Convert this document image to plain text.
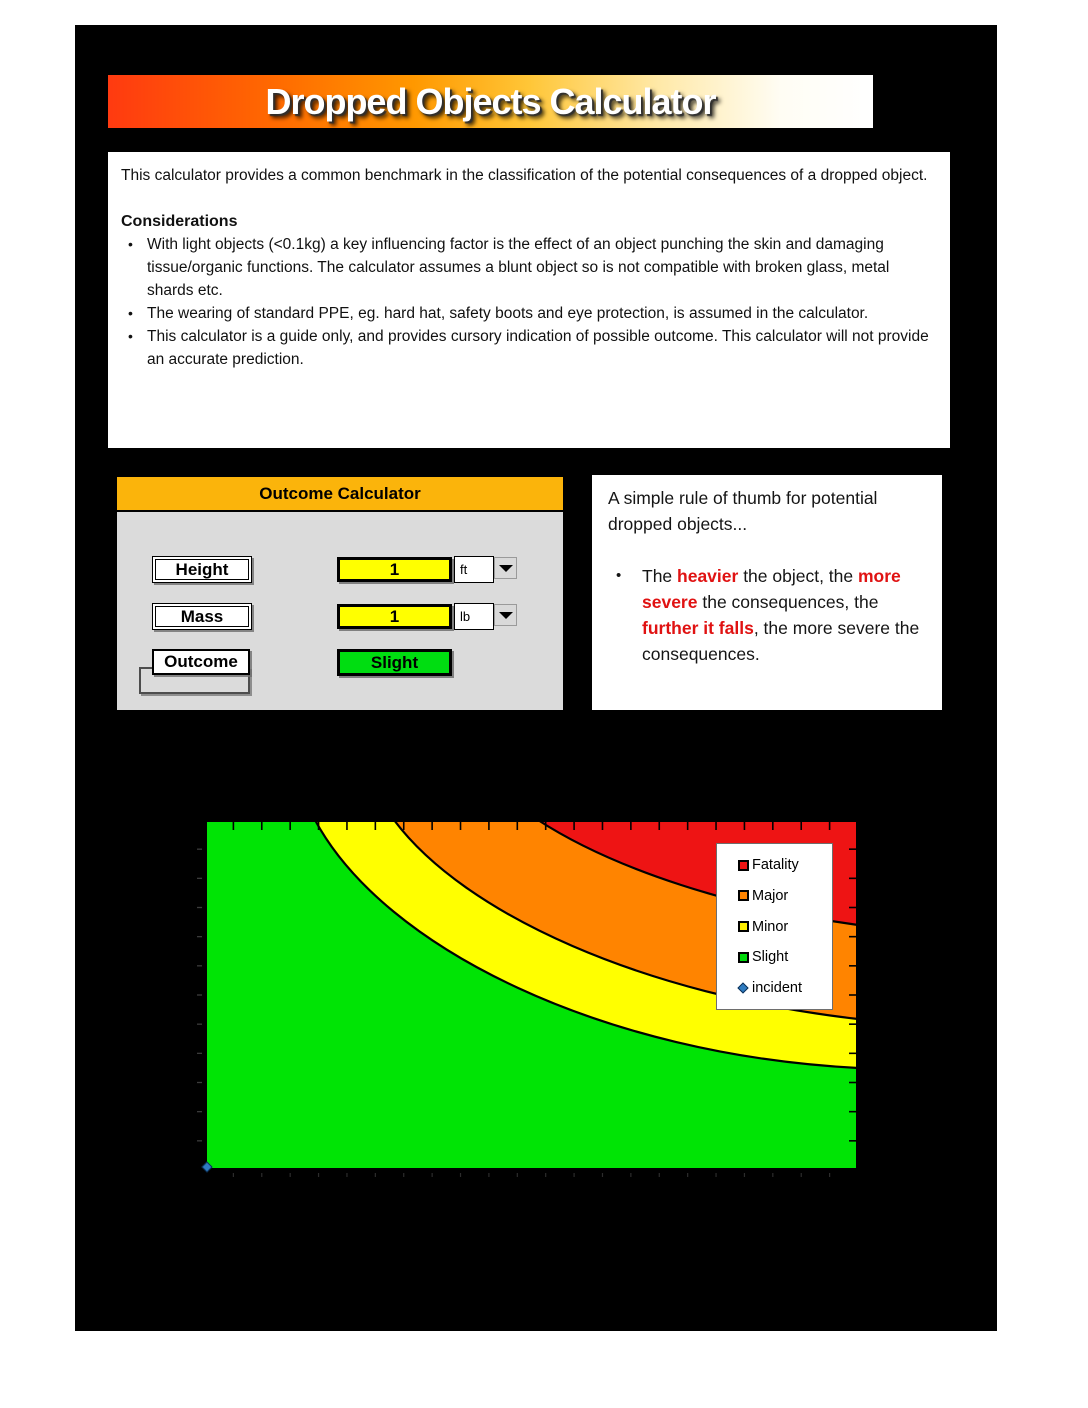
Dropped Objects Calculator

This calculator provides a common benchmark in the classification of the potential consequences of a dropped object.

Considerations

• With light objects (<0.1kg) a key influencing factor is the effect of an object punching the skin and damaging tissue/organic functions. The calculator assumes a blunt object so is not compatible with broken glass, metal shards etc.
• The wearing of standard PPE, eg. hard hat, safety boots and eye protection, is assumed in the calculator.
• This calculator is a guide only, and provides cursory indication of possible outcome. This calculator will not provide an accurate prediction.
Outcome Calculator
Height	1	ft
Mass	1	lb
Outcome	Slight

A simple rule of thumb for potential dropped objects...

• The heavier the object, the more severe the consequences, the further it falls, the more severe the consequences.

Fatality
Major
Minor
Slight
incident
